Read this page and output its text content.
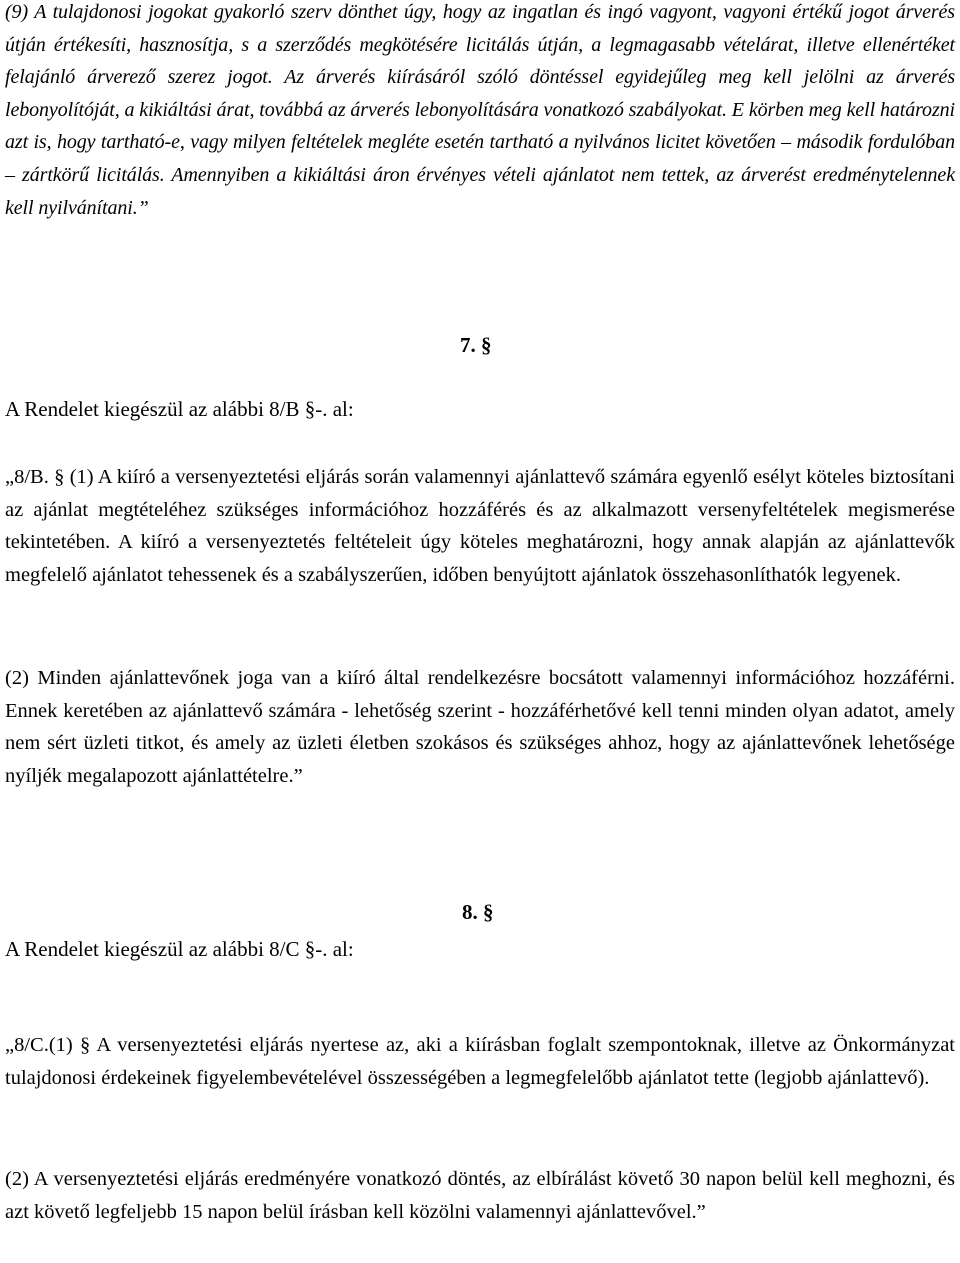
(9) A tulajdonosi jogokat gyakorló szerv dönthet úgy, hogy az ingatlan és ingó vagyont, vagyoni értékű jogot árverés útján értékesíti, hasznosítja, s a szerződés megkötésére licitálás útján, a legmagasabb vételárat, illetve ellenértéket felajánló árverező szerez jogot. Az árverés kiírásáról szóló döntéssel egyidejűleg meg kell jelölni az árverés lebonyolítóját, a kikiáltási árat, továbbá az árverés lebonyolítására vonatkozó szabályokat. E körben meg kell határozni azt is, hogy tartható-e, vagy milyen feltételek megléte esetén tartható a nyilvános licitet követően – második fordulóban – zártkörű licitálás. Amennyiben a kikiáltási áron érvényes vételi ajánlatot nem tettek, az árverést eredménytelennek kell nyilvánítani.”

7. §
A Rendelet kiegészül az alábbi 8/B §-. al:

„8/B. § (1) A kiíró a versenyeztetési eljárás során valamennyi ajánlattevő számára egyenlő esélyt köteles biztosítani az ajánlat megtételéhez szükséges információhoz hozzáférés és az alkalmazott versenyfeltételek megismerése tekintetében. A kiíró a versenyeztetés feltételeit úgy köteles meghatározni, hogy annak alapján az ajánlattevők megfelelő ajánlatot tehessenek és a szabályszerűen, időben benyújtott ajánlatok összehasonlíthatók legyenek.

(2) Minden ajánlattevőnek joga van a kiíró által rendelkezésre bocsátott valamennyi információhoz hozzáférni. Ennek keretében az ajánlattevő számára - lehetőség szerint - hozzáférhetővé kell tenni minden olyan adatot, amely nem sért üzleti titkot, és amely az üzleti életben szokásos és szükséges ahhoz, hogy az ajánlattevőnek lehetősége nyíljék megalapozott ajánlattételre.”

8. §
A Rendelet kiegészül az alábbi 8/C §-. al:

„8/C.(1) § A versenyeztetési eljárás nyertese az, aki a kiírásban foglalt szempontoknak, illetve az Önkormányzat tulajdonosi érdekeinek figyelembevételével összességében a legmegfelelőbb ajánlatot tette (legjobb ajánlattevő).

(2) A versenyeztetési eljárás eredményére vonatkozó döntés, az elbírálást követő 30 napon belül kell meghozni, és azt követő legfeljebb 15 napon belül írásban kell közölni valamennyi ajánlattevővel.”
